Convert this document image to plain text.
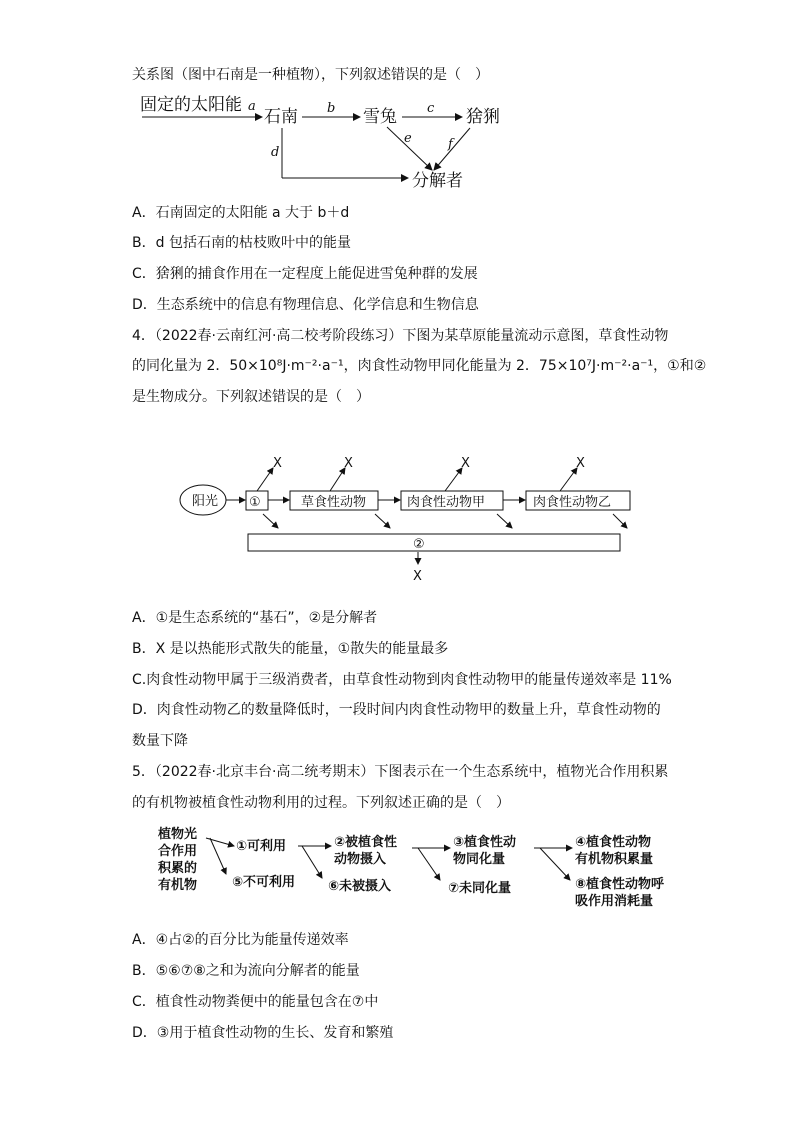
关系图（图中石南是一种植物），下列叙述错误的是（　）
固定的太阳能 a
石南 b 雪兔 c 猞猁
d
e	f
分解者
A．石南固定的太阳能 a 大于 b＋d
B．d 包括石南的枯枝败叶中的能量
C．猞猁的捕食作用在一定程度上能促进雪兔种群的发展
D．生态系统中的信息有物理信息、化学信息和生物信息
4．（2022春·云南红河·高二校考阶段练习）下图为某草原能量流动示意图，草食性动物
的同化量为 2．50×10⁸J·m⁻²·a⁻¹，肉食性动物甲同化能量为 2．75×10⁷J·m⁻²·a⁻¹，①和②
是生物成分。下列叙述错误的是（　）
阳光 ①	草食性动物	肉食性动物甲	肉食性动物乙
X	X	X	X
②
X
A．①是生态系统的“基石”，②是分解者
B．X 是以热能形式散失的能量，①散失的能量最多
C.肉食性动物甲属于三级消费者，由草食性动物到肉食性动物甲的能量传递效率是 11%
D．肉食性动物乙的数量降低时，一段时间内肉食性动物甲的数量上升，草食性动物的
数量下降
5．（2022春·北京丰台·高二统考期末）下图表示在一个生态系统中，植物光合作用积累
的有机物被植食性动物利用的过程。下列叙述正确的是（　）
植物光
合作用
积累的
有机物
①可利用
⑤不可利用
②被植食性
动物摄入
⑥未被摄入
③植食性动
物同化量
⑦未同化量
④植食性动物
有机物积累量
⑧植食性动物呼
吸作用消耗量
A．④占②的百分比为能量传递效率
B．⑤⑥⑦⑧之和为流向分解者的能量
C．植食性动物粪便中的能量包含在⑦中
D．③用于植食性动物的生长、发育和繁殖
